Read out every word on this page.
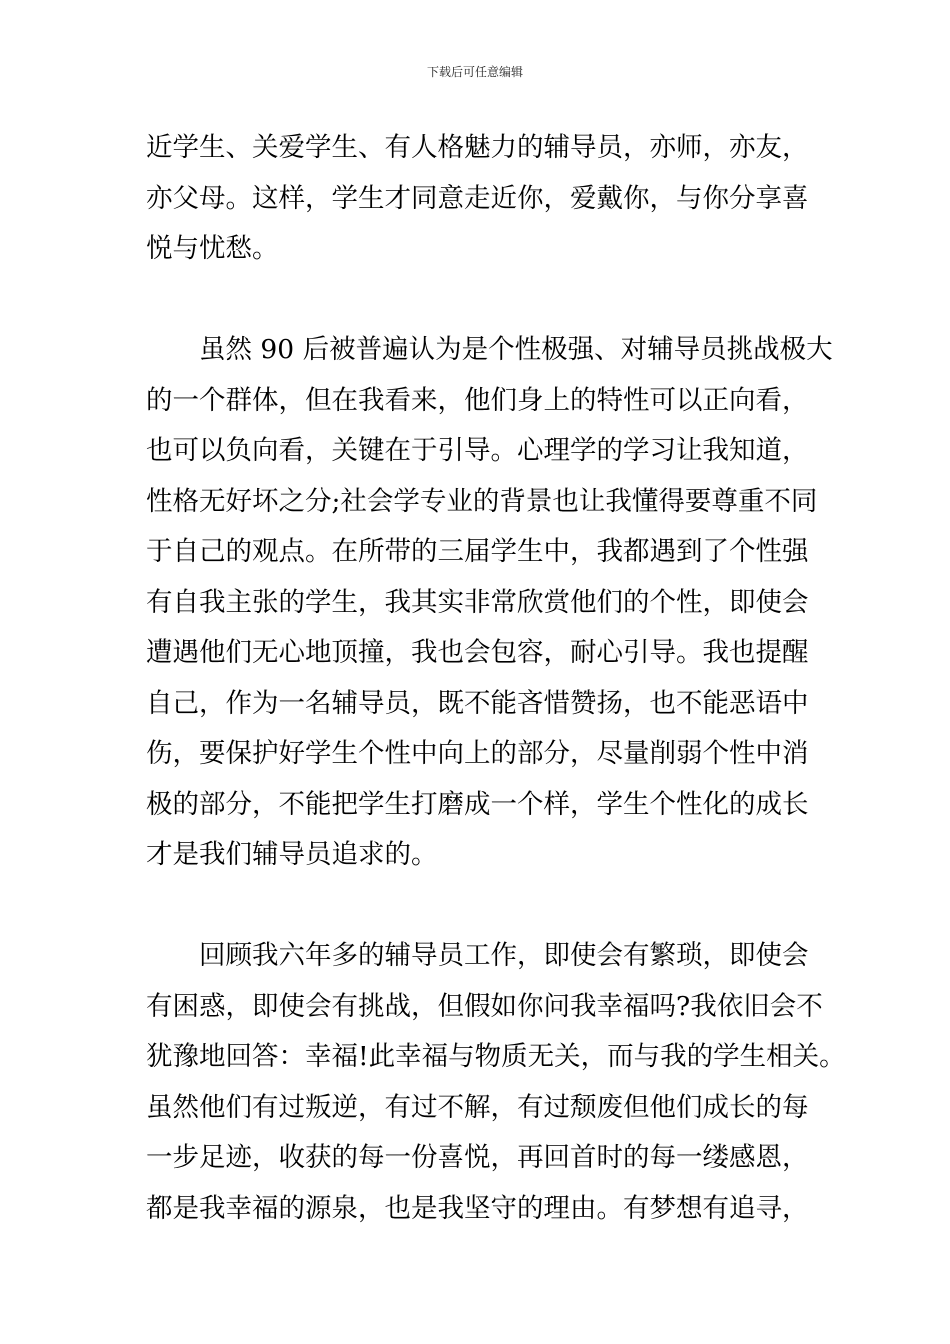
下载后可任意编辑
近学生、关爱学生、有人格魅力的辅导员，亦师，亦友，
亦父母。这样，学生才同意走近你，爱戴你，与你分享喜
悦与忧愁。
虽然 90 后被普遍认为是个性极强、对辅导员挑战极大
的一个群体，但在我看来，他们身上的特性可以正向看，
也可以负向看，关键在于引导。心理学的学习让我知道，
性格无好坏之分;社会学专业的背景也让我懂得要尊重不同
于自己的观点。在所带的三届学生中，我都遇到了个性强
有自我主张的学生，我其实非常欣赏他们的个性，即使会
遭遇他们无心地顶撞，我也会包容，耐心引导。我也提醒
自己，作为一名辅导员，既不能吝惜赞扬，也不能恶语中
伤，要保护好学生个性中向上的部分，尽量削弱个性中消
极的部分，不能把学生打磨成一个样，学生个性化的成长
才是我们辅导员追求的。
回顾我六年多的辅导员工作，即使会有繁琐，即使会
有困惑，即使会有挑战，但假如你问我幸福吗?我依旧会不
犹豫地回答：幸福!此幸福与物质无关，而与我的学生相关。
虽然他们有过叛逆，有过不解，有过颓废但他们成长的每
一步足迹，收获的每一份喜悦，再回首时的每一缕感恩，
都是我幸福的源泉，也是我坚守的理由。有梦想有追寻，
